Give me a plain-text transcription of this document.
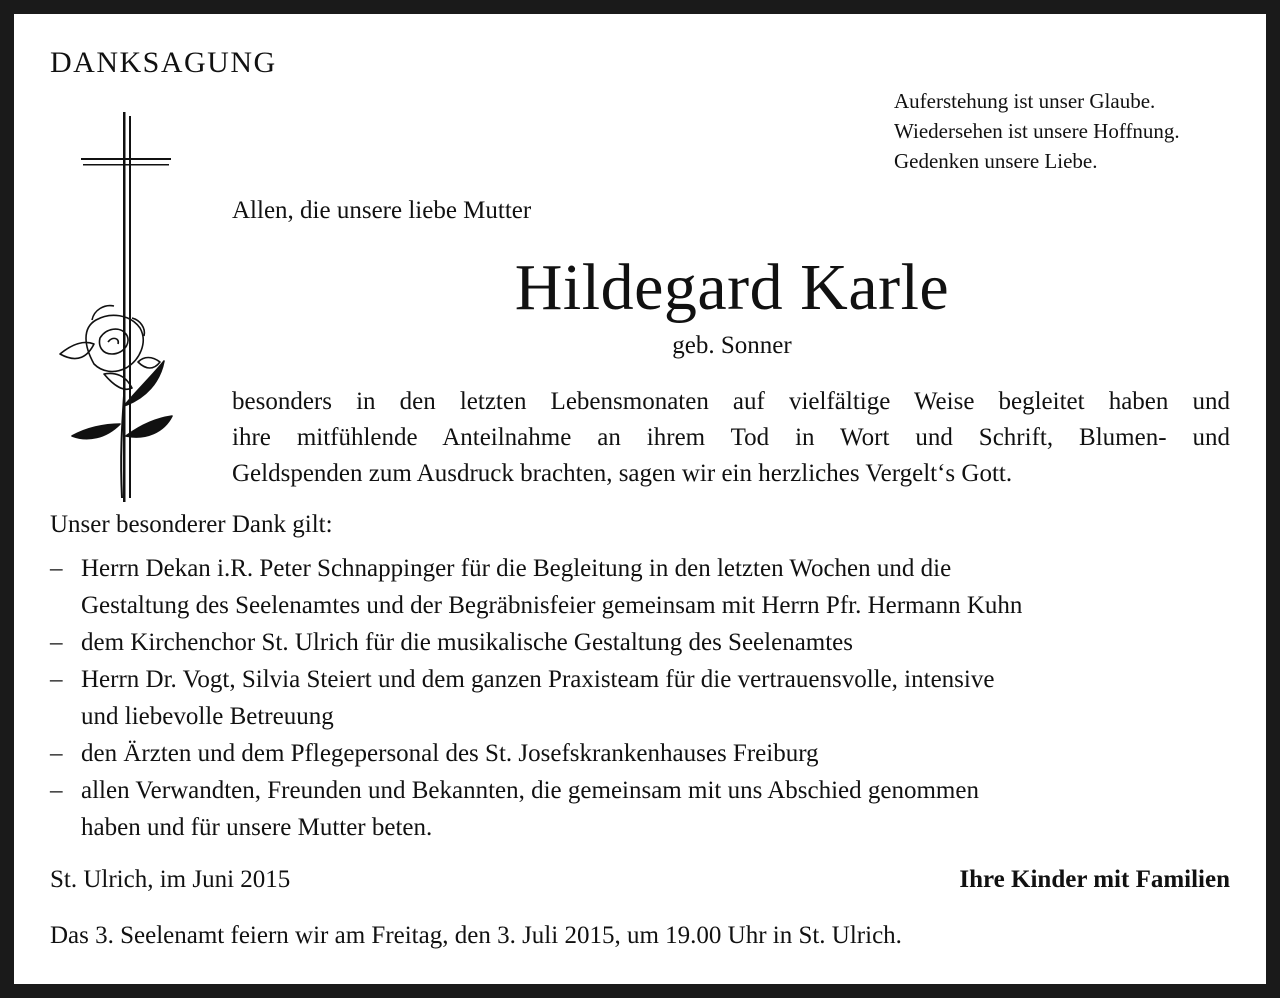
DANKSAGUNG
Auferstehung ist unser Glaube.
Wiedersehen ist unsere Hoffnung.
Gedenken unsere Liebe.
Allen, die unsere liebe Mutter
Hildegard Karle
geb. Sonner
besonders in den letzten Lebensmonaten auf vielfältige Weise begleitet haben und
ihre mitfühlende Anteilnahme an ihrem Tod in Wort und Schrift, Blumen- und
Geldspenden zum Ausdruck brachten, sagen wir ein herzliches Vergelt‘s Gott.
Unser besonderer Dank gilt:
– Herrn Dekan i.R. Peter Schnappinger für die Begleitung in den letzten Wochen und die
Gestaltung des Seelenamtes und der Begräbnisfeier gemeinsam mit Herrn Pfr. Hermann Kuhn
– dem Kirchenchor St. Ulrich für die musikalische Gestaltung des Seelenamtes
– Herrn Dr. Vogt, Silvia Steiert und dem ganzen Praxisteam für die vertrauensvolle, intensive
und liebevolle Betreuung
– den Ärzten und dem Pflegepersonal des St. Josefskrankenhauses Freiburg
– allen Verwandten, Freunden und Bekannten, die gemeinsam mit uns Abschied genommen
haben und für unsere Mutter beten.
St. Ulrich, im Juni 2015	Ihre Kinder mit Familien
Das 3. Seelenamt feiern wir am Freitag, den 3. Juli 2015, um 19.00 Uhr in St. Ulrich.
